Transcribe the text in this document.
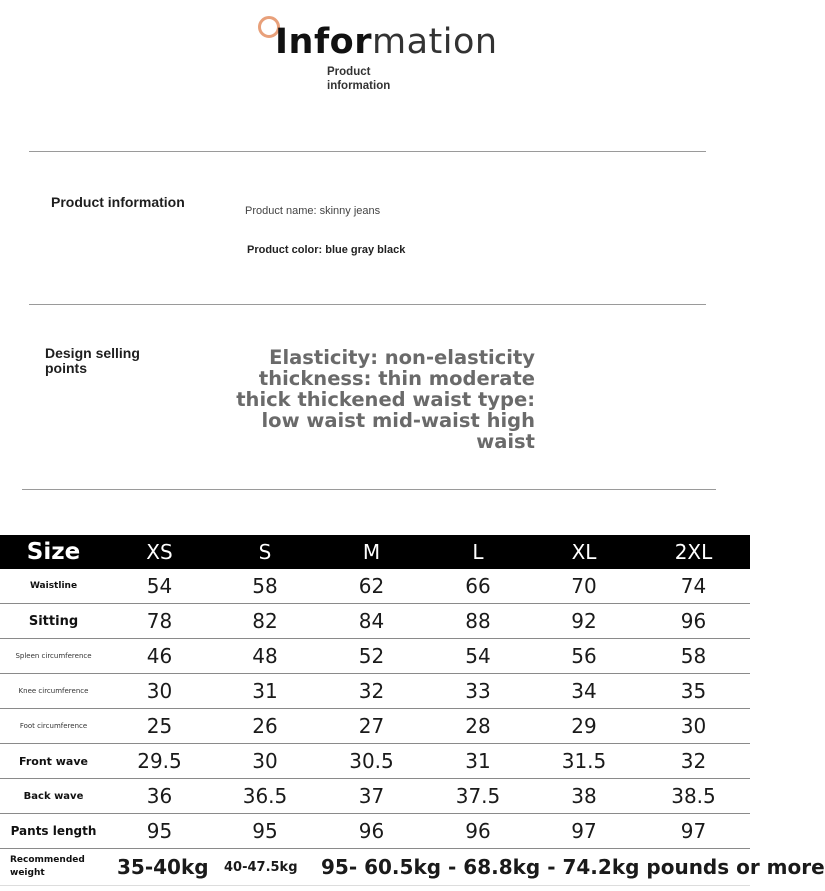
Information
Product information
Product information
Product name: skinny jeans
Product color: blue gray black
Design selling points	Elasticity: non-elasticity thickness: thin moderate thick thickened waist type: low waist mid-waist high waist
Size	XS	S	M	L	XL	2XL
Waistline	54	58	62	66	70	74
Sitting	78	82	84	88	92	96
Spleen circumference	46	48	52	54	56	58
Knee circumference	30	31	32	33	34	35
Foot circumference	25	26	27	28	29	30
Front wave	29.5	30	30.5	31	31.5	32
Back wave	36	36.5	37	37.5	38	38.5
Pants length	95	95	96	96	97	97
Recommended weight	35-40kg	40-47.5kg	95- 60.5kg - 68.8kg - 74.2kg pounds or more			
